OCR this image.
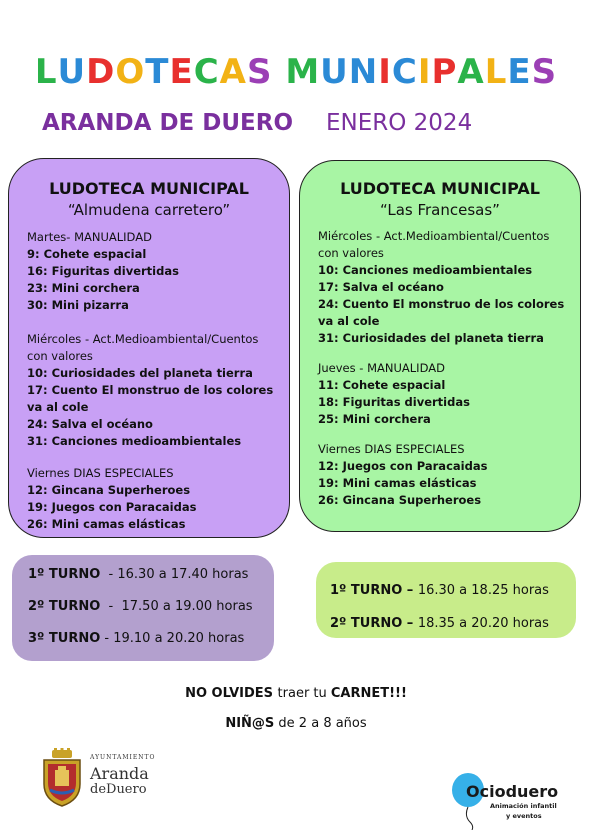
LUDOTECAS MUNICIPALES
ARANDA DE DUERO ENERO 2024
LUDOTECA MUNICIPAL
“Almudena carretero”
Martes- MANUALIDAD
9: Cohete espacial
16: Figuritas divertidas
23: Mini corchera
30: Mini pizarra
Miércoles - Act.Medioambiental/Cuentos con valores
10: Curiosidades del planeta tierra
17: Cuento El monstruo de los colores va al cole
24: Salva el océano
31: Canciones medioambientales
Viernes DIAS ESPECIALES
12: Gincana Superheroes
19: Juegos con Paracaidas
26: Mini camas elásticas
LUDOTECA MUNICIPAL
“Las Francesas”
Miércoles - Act.Medioambiental/Cuentos con valores
10: Canciones medioambientales
17: Salva el océano
24: Cuento El monstruo de los colores va al cole
31: Curiosidades del planeta tierra
Jueves - MANUALIDAD
11: Cohete espacial
18: Figuritas divertidas
25: Mini corchera
Viernes DIAS ESPECIALES
12: Juegos con Paracaidas
19: Mini camas elásticas
26: Gincana Superheroes
1º TURNO  - 16.30 a 17.40 horas
2º TURNO  -  17.50 a 19.00 horas
3º TURNO - 19.10 a 20.20 horas
1º TURNO – 16.30 a 18.25 horas
2º TURNO – 18.35 a 20.20 horas
NO OLVIDES traer tu CARNET!!!
NIÑ@S de 2 a 8 años
AYUNTAMIENTO
Aranda
deDuero	Ocioduero
Animación infantil
y eventos
